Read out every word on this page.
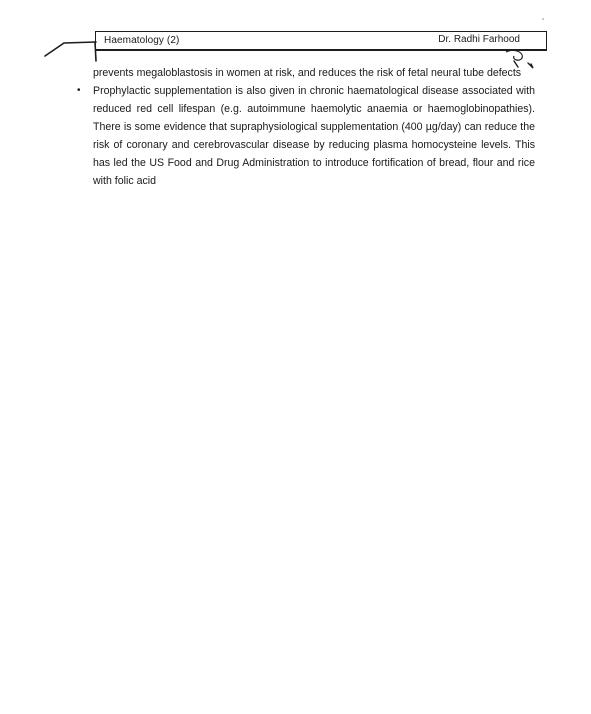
Haematology (2)	Dr. Radhi Farhood

prevents megaloblastosis in women at risk, and reduces the risk of fetal neural tube defects

• Prophylactic supplementation is also given in chronic haematological disease associated with reduced red cell lifespan (e.g. autoimmune haemolytic anaemia or haemoglobinopathies). There is some evidence that supraphysiological supplementation (400 µg/day) can reduce the risk of coronary and cerebrovascular disease by reducing plasma homocysteine levels. This has led the US Food and Drug Administration to introduce fortification of bread, flour and rice with folic acid
